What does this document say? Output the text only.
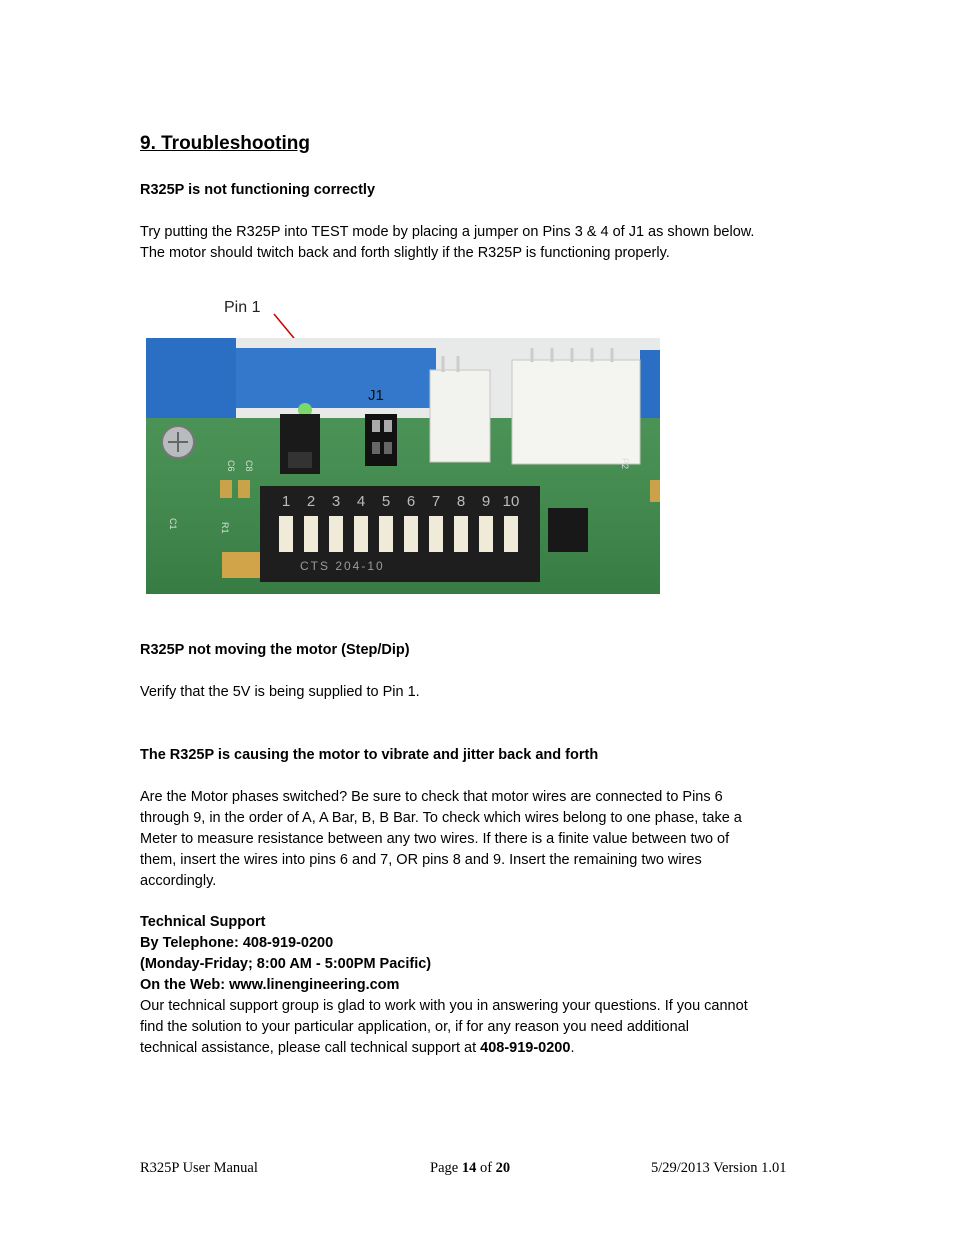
9. Troubleshooting
R325P is not functioning correctly
Try putting the R325P into TEST mode by placing a jumper on Pins 3 & 4 of J1 as shown below.
The motor should twitch back and forth slightly if the R325P is functioning properly.
Pin 1
J1
P2
C6 C8
C1	R1
1 2 3 4 5 6 7 8 9 10
CTS 204-10
R325P not moving the motor (Step/Dip)
Verify that the 5V is being supplied to Pin 1.
The R325P is causing the motor to vibrate and jitter back and forth
Are the Motor phases switched? Be sure to check that motor wires are connected to Pins 6
through 9, in the order of A, A Bar, B, B Bar. To check which wires belong to one phase, take a
Meter to measure resistance between any two wires. If there is a finite value between two of
them, insert the wires into pins 6 and 7, OR pins 8 and 9. Insert the remaining two wires
accordingly.
Technical Support
By Telephone: 408-919-0200
(Monday-Friday; 8:00 AM - 5:00PM Pacific)
On the Web: www.linengineering.com
Our technical support group is glad to work with you in answering your questions. If you cannot
find the solution to your particular application, or, if for any reason you need additional
technical assistance, please call technical support at 408-919-0200.
R325P User Manual	Page 14 of 20	5/29/2013 Version 1.01
